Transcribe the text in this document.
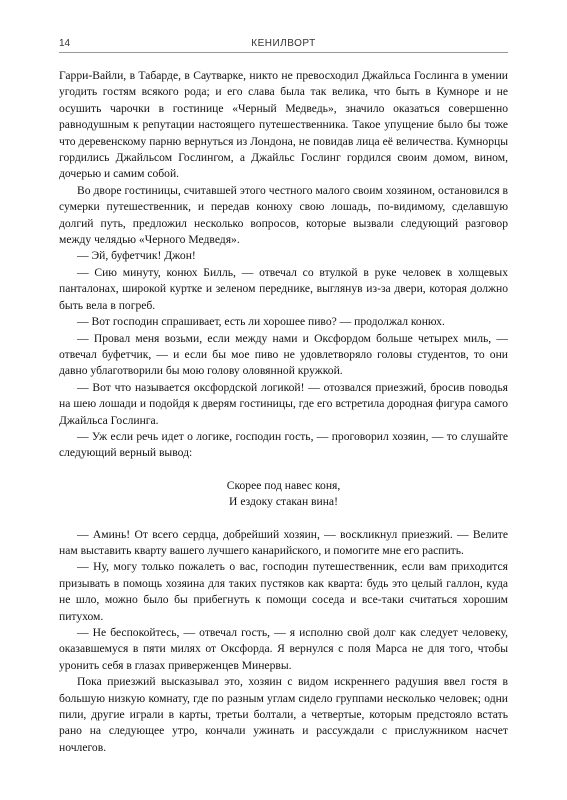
14	КЕНИЛВОРТ

Гарри-Вайли, в Табарде, в Саутварке, никто не превосходил Джайльса Гослинга в умении угодить гостям всякого рода; и его слава была так велика, что быть в Кумноре и не осушить чарочки в гостинице «Черный Медведь», значило оказаться совершенно равнодушным к репутации настоящего путешественника. Такое упущение было бы тоже что деревенскому парню вернуться из Лондона, не повидав лица её величества. Кумнорцы гордились Джайльсом Гослингом, а Джайльс Гослинг гордился своим домом, вином, дочерью и самим собой.

Во дворе гостиницы, считавшей этого честного малого своим хозяином, остановился в сумерки путешественник, и передав конюху свою лошадь, по-видимому, сделавшую долгий путь, предложил несколько вопросов, которые вызвали следующий разговор между челядью «Черного Медведя».

— Эй, буфетчик! Джон!

— Сию минуту, конюх Билль, — отвечал со втулкой в руке человек в холщевых панталонах, широкой куртке и зеленом переднике, выглянув из-за двери, которая должно быть вела в погреб.

— Вот господин спрашивает, есть ли хорошее пиво? — продолжал конюх.

— Провал меня возьми, если между нами и Оксфордом больше четырех миль, — отвечал буфетчик, — и если бы мое пиво не удовлетворяло головы студентов, то они давно ублаготворили бы мою голову оловянной кружкой.

— Вот что называется оксфордской логикой! — отозвался приезжий, бросив поводья на шею лошади и подойдя к дверям гостиницы, где его встретила дородная фигура самого Джайльса Гослинга.

— Уж если речь идет о логике, господин гость, — проговорил хозяин, — то слушайте следующий верный вывод:

Скорее под навес коня,
И ездоку стакан вина!

— Аминь! От всего сердца, добрейший хозяин, — воскликнул приезжий. — Велите нам выставить кварту вашего лучшего канарийского, и помогите мне его распить.

— Ну, могу только пожалеть о вас, господин путешественник, если вам приходится призывать в помощь хозяина для таких пустяков как кварта: будь это целый галлон, куда не шло, можно было бы прибегнуть к помощи соседа и все-таки считаться хорошим питухом.

— Не беспокойтесь, — отвечал гость, — я исполню свой долг как следует человеку, оказавшемуся в пяти милях от Оксфорда. Я вернулся с поля Марса не для того, чтобы уронить себя в глазах приверженцев Минервы.

Пока приезжий высказывал это, хозяин с видом искреннего радушия ввел гостя в большую низкую комнату, где по разным углам сидело группами несколько человек; одни пили, другие играли в карты, третьи болтали, а четвертые, которым предстояло встать рано на следующее утро, кончали ужинать и рассуждали с прислужником насчет ночлегов.
